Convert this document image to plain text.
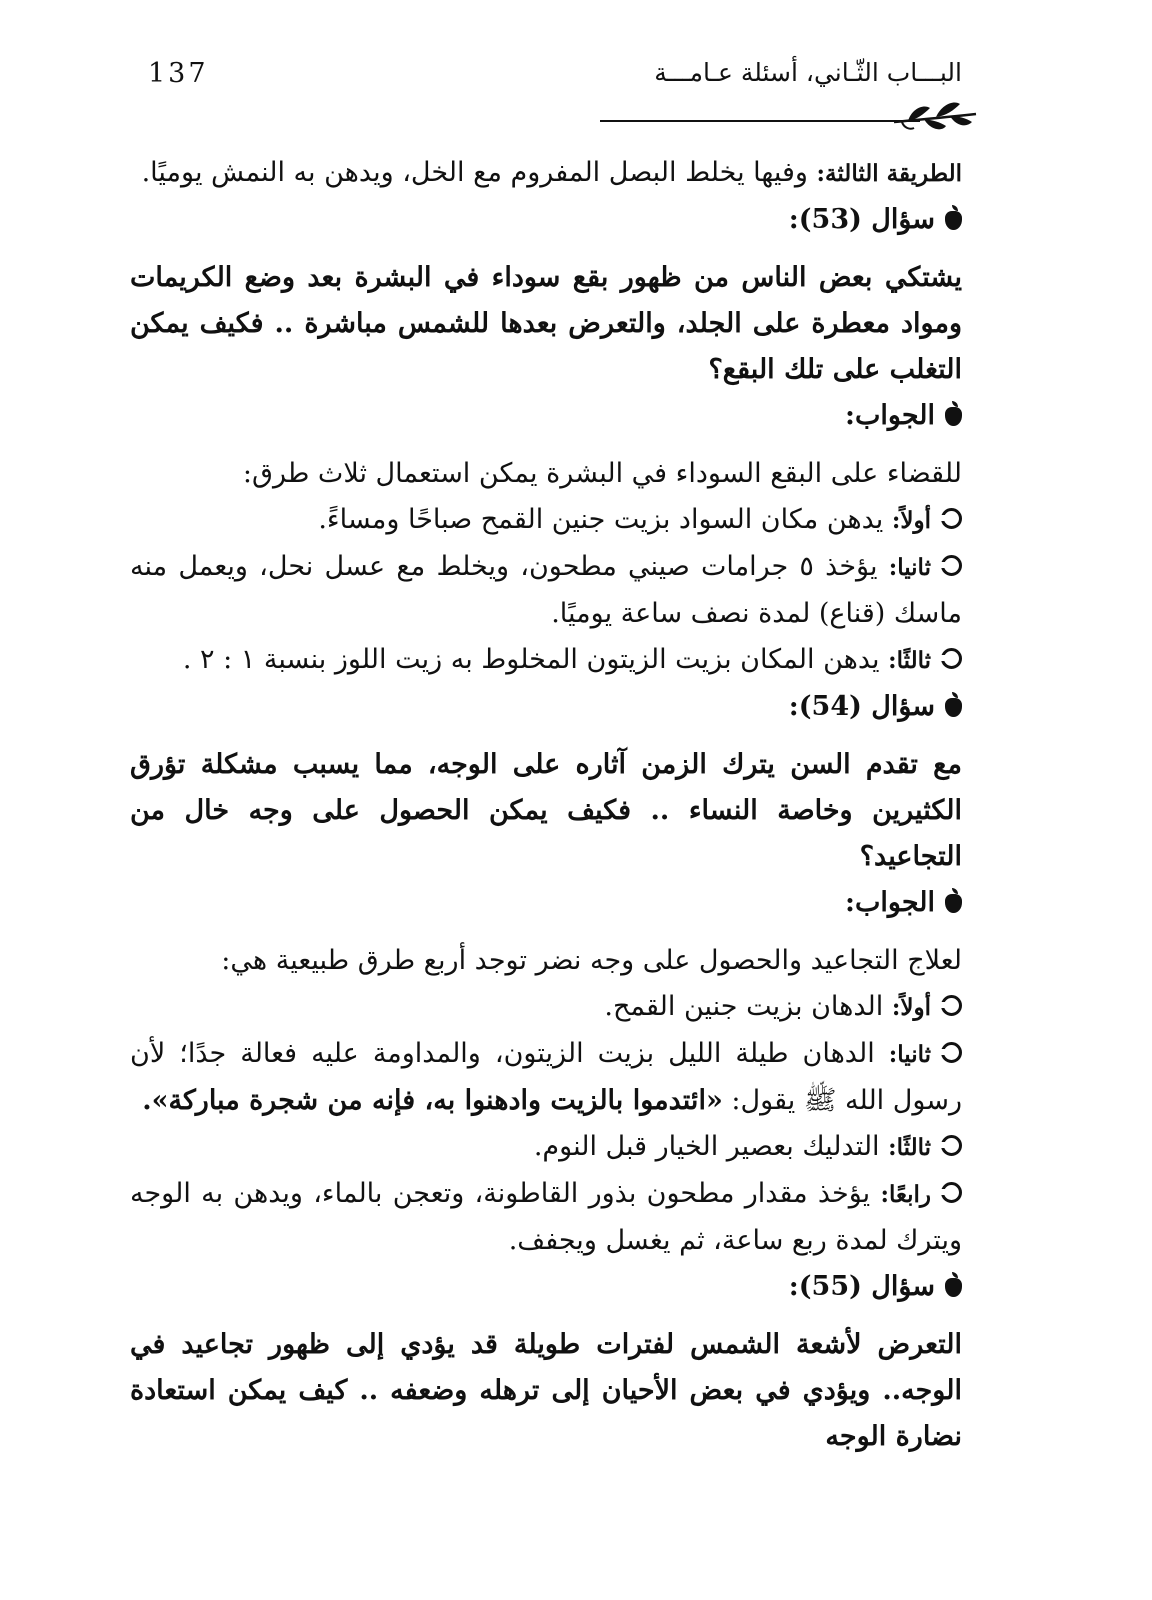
137	البـــاب الثّـاني، أسئلة عـامـــة

الطريقة الثالثة: وفيها يخلط البصل المفروم مع الخل، ويدهن به النمش يوميًا.

سؤال (53):

يشتكي بعض الناس من ظهور بقع سوداء في البشرة بعد وضع الكريمات ومواد معطرة على الجلد، والتعرض بعدها للشمس مباشرة .. فكيف يمكن التغلب على تلك البقع؟

الجواب:

للقضاء على البقع السوداء في البشرة يمكن استعمال ثلاث طرق:

أولاً: يدهن مكان السواد بزيت جنين القمح صباحًا ومساءً.

ثانيا: يؤخذ ٥ جرامات صيني مطحون، ويخلط مع عسل نحل، ويعمل منه ماسك (قناع) لمدة نصف ساعة يوميًا.

ثالثًا: يدهن المكان بزيت الزيتون المخلوط به زيت اللوز بنسبة ١ : ٢ .

سؤال (54):

مع تقدم السن يترك الزمن آثاره على الوجه، مما يسبب مشكلة تؤرق الكثيرين وخاصة النساء .. فكيف يمكن الحصول على وجه خال من التجاعيد؟

الجواب:

لعلاج التجاعيد والحصول على وجه نضر توجد أربع طرق طبيعية هي:

أولاً: الدهان بزيت جنين القمح.

ثانيا: الدهان طيلة الليل بزيت الزيتون، والمداومة عليه فعالة جدًا؛ لأن رسول الله ﷺ يقول: «ائتدموا بالزيت وادهنوا به، فإنه من شجرة مباركة».

ثالثًا: التدليك بعصير الخيار قبل النوم.

رابعًا: يؤخذ مقدار مطحون بذور القاطونة، وتعجن بالماء، ويدهن به الوجه ويترك لمدة ربع ساعة، ثم يغسل ويجفف.

سؤال (55):

التعرض لأشعة الشمس لفترات طويلة قد يؤدي إلى ظهور تجاعيد في الوجه.. ويؤدي في بعض الأحيان إلى ترهله وضعفه .. كيف يمكن استعادة نضارة الوجه
